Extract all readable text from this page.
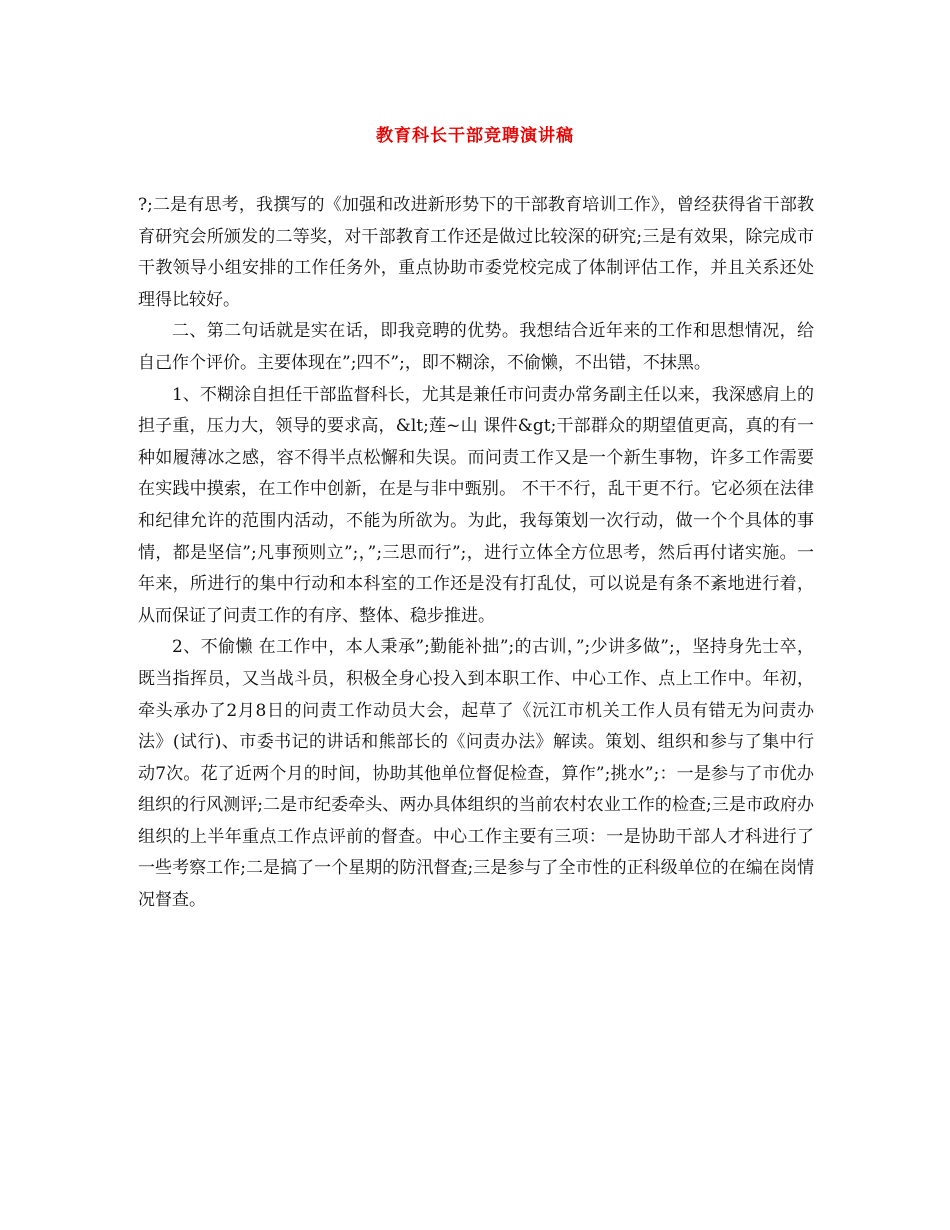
教育科长干部竞聘演讲稿

?;二是有思考，我撰写的《加强和改进新形势下的干部教育培训工作》，曾经获得省干部教育研究会所颁发的二等奖，对干部教育工作还是做过比较深的研究;三是有效果，除完成市干教领导小组安排的工作任务外，重点协助市委党校完成了体制评估工作，并且关系还处理得比较好。

二、第二句话就是实在话，即我竞聘的优势。我想结合近年来的工作和思想情况，给自己作个评价。主要体现在”;四不”;，即不糊涂，不偷懒，不出错，不抹黑。

1、不糊涂自担任干部监督科长，尤其是兼任市问责办常务副主任以来，我深感肩上的担子重，压力大，领导的要求高，&lt;莲~山 课件&gt;干部群众的期望值更高，真的有一种如履薄冰之感，容不得半点松懈和失误。而问责工作又是一个新生事物，许多工作需要在实践中摸索，在工作中创新，在是与非中甄别。 不干不行，乱干更不行。它必须在法律和纪律允许的范围内活动，不能为所欲为。为此，我每策划一次行动，做一个个具体的事情，都是坚信”;凡事预则立”;，”;三思而行”;，进行立体全方位思考，然后再付诸实施。一年来，所进行的集中行动和本科室的工作还是没有打乱仗，可以说是有条不紊地进行着，从而保证了问责工作的有序、整体、稳步推进。

2、不偷懒 在工作中，本人秉承”;勤能补拙”;的古训，”;少讲多做”;，坚持身先士卒，既当指挥员，又当战斗员，积极全身心投入到本职工作、中心工作、点上工作中。年初，牵头承办了2月8日的问责工作动员大会，起草了《沅江市机关工作人员有错无为问责办法》(试行)、市委书记的讲话和熊部长的《问责办法》解读。策划、组织和参与了集中行动7次。花了近两个月的时间，协助其他单位督促检查，算作”;挑水”;：一是参与了市优办组织的行风测评;二是市纪委牵头、两办具体组织的当前农村农业工作的检查;三是市政府办组织的上半年重点工作点评前的督查。中心工作主要有三项：一是协助干部人才科进行了一些考察工作;二是搞了一个星期的防汛督查;三是参与了全市性的正科级单位的在编在岗情况督查。
